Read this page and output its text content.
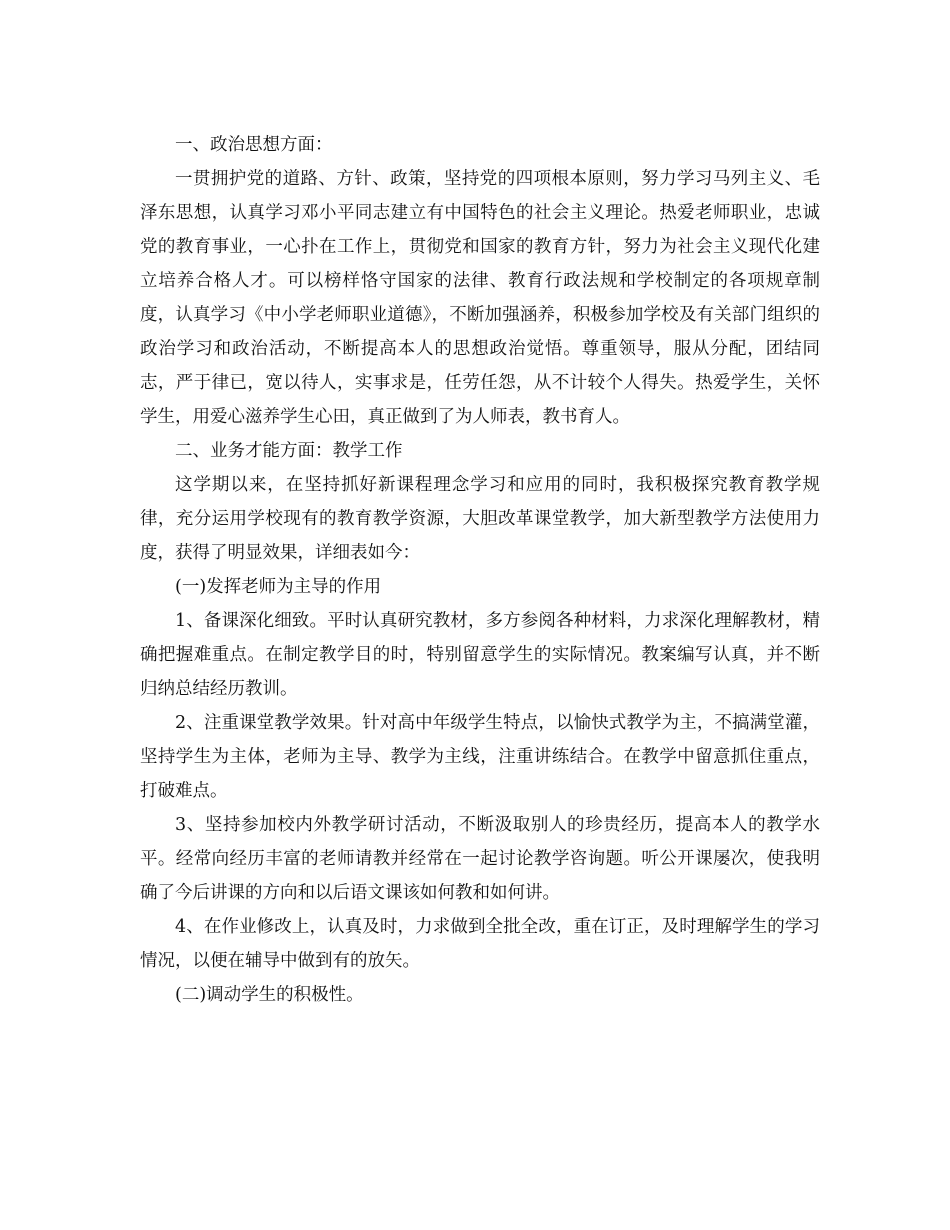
一、政治思想方面：

一贯拥护党的道路、方针、政策，坚持党的四项根本原则，努力学习马列主义、毛泽东思想，认真学习邓小平同志建立有中国特色的社会主义理论。热爱老师职业，忠诚党的教育事业，一心扑在工作上，贯彻党和国家的教育方针，努力为社会主义现代化建立培养合格人才。可以榜样恪守国家的法律、教育行政法规和学校制定的各项规章制度，认真学习《中小学老师职业道德》，不断加强涵养，积极参加学校及有关部门组织的政治学习和政治活动，不断提高本人的思想政治觉悟。尊重领导，服从分配，团结同志，严于律已，宽以待人，实事求是，任劳任怨，从不计较个人得失。热爱学生，关怀学生，用爱心滋养学生心田，真正做到了为人师表，教书育人。

二、业务才能方面：教学工作

这学期以来，在坚持抓好新课程理念学习和应用的同时，我积极探究教育教学规律，充分运用学校现有的教育教学资源，大胆改革课堂教学，加大新型教学方法使用力度，获得了明显效果，详细表如今：

(一)发挥老师为主导的作用

1、备课深化细致。平时认真研究教材，多方参阅各种材料，力求深化理解教材，精确把握难重点。在制定教学目的时，特别留意学生的实际情况。教案编写认真，并不断归纳总结经历教训。

2、注重课堂教学效果。针对高中年级学生特点，以愉快式教学为主，不搞满堂灌，坚持学生为主体，老师为主导、教学为主线，注重讲练结合。在教学中留意抓住重点，打破难点。

3、坚持参加校内外教学研讨活动，不断汲取别人的珍贵经历，提高本人的教学水平。经常向经历丰富的老师请教并经常在一起讨论教学咨询题。听公开课屡次，使我明确了今后讲课的方向和以后语文课该如何教和如何讲。

4、在作业修改上，认真及时，力求做到全批全改，重在订正，及时理解学生的学习情况，以便在辅导中做到有的放矢。

(二)调动学生的积极性。
